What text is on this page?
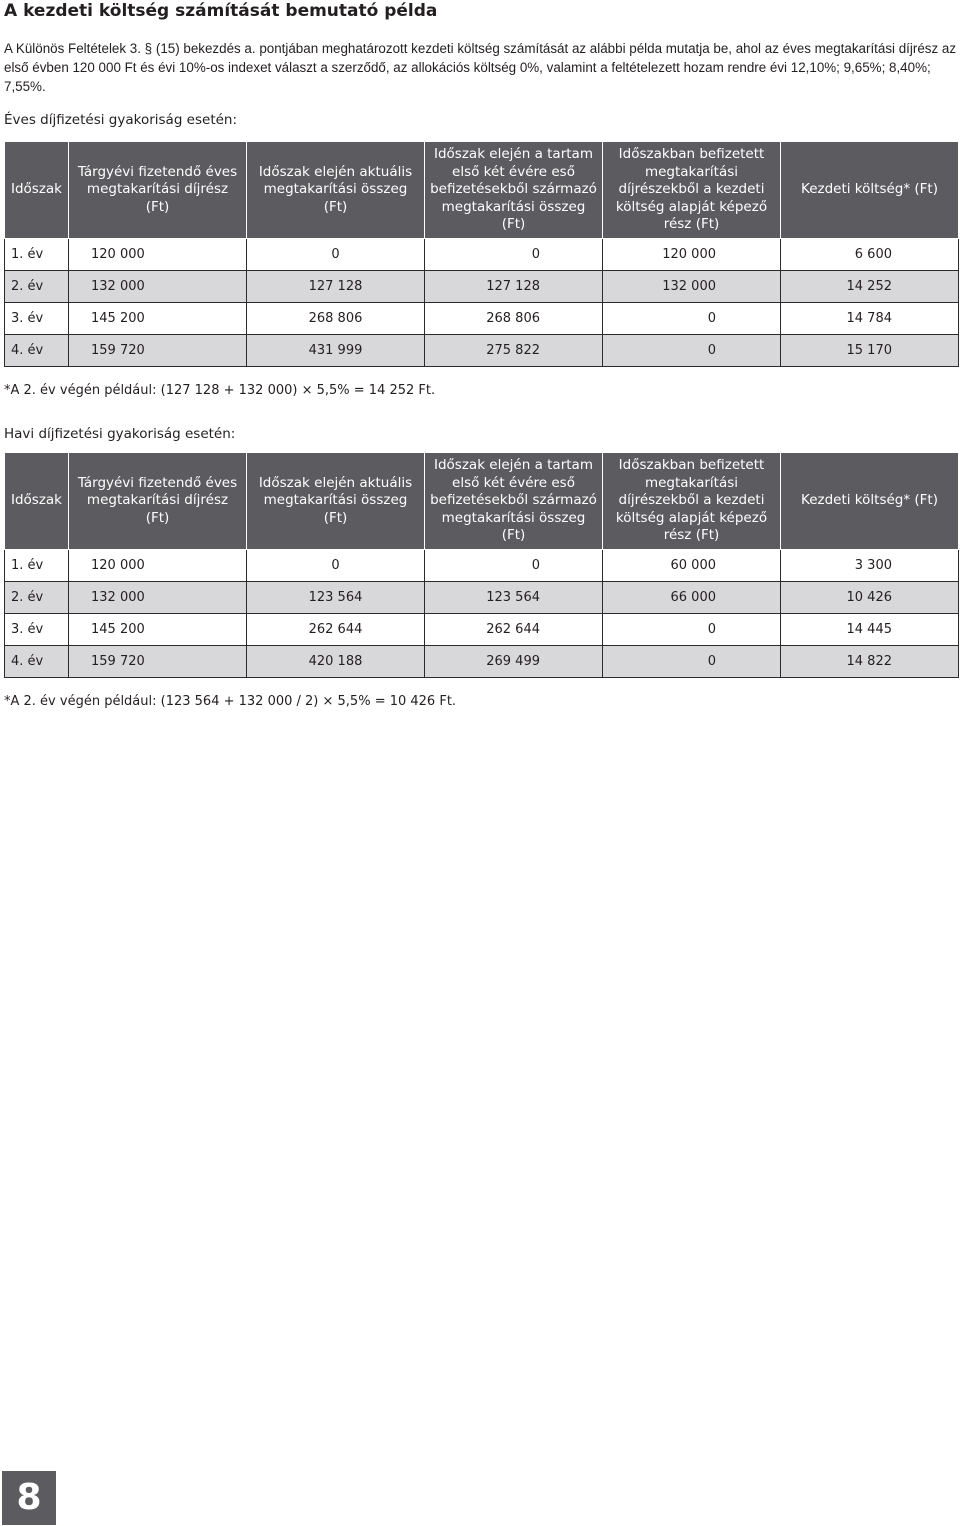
A kezdeti költség számítását bemutató példa

A Különös Feltételek 3. § (15) bekezdés a. pontjában meghatározott kezdeti költség számítását az alábbi példa mutatja be, ahol az éves megtakarítási díjrész az első évben 120 000 Ft és évi 10%-os indexet választ a szerződő, az allokációs költség 0%, valamint a feltételezett hozam rendre évi 12,10%; 9,65%; 8,40%; 7,55%.

Éves díjfizetési gyakoriság esetén:

Időszak	Tárgyévi fizetendő éves megtakarítási díjrész (Ft)	Időszak elején aktuális megtakarítási összeg (Ft)	Időszak elején a tartam első két évére eső befizetésekből származó megtakarítási összeg (Ft)	Időszakban befizetett megtakarítási díjrészekből a kezdeti költség alapját képező rész (Ft)	Kezdeti költség* (Ft)
1. év	120 000	0	0	120 000	6 600
2. év	132 000	127 128	127 128	132 000	14 252
3. év	145 200	268 806	268 806	0	14 784
4. év	159 720	431 999	275 822	0	15 170

*A 2. év végén például: (127 128 + 132 000) × 5,5% = 14 252 Ft.

Havi díjfizetési gyakoriság esetén:

Időszak	Tárgyévi fizetendő éves megtakarítási díjrész (Ft)	Időszak elején aktuális megtakarítási összeg (Ft)	Időszak elején a tartam első két évére eső befizetésekből származó megtakarítási összeg (Ft)	Időszakban befizetett megtakarítási díjrészekből a kezdeti költség alapját képező rész (Ft)	Kezdeti költség* (Ft)
1. év	120 000	0	0	60 000	3 300
2. év	132 000	123 564	123 564	66 000	10 426
3. év	145 200	262 644	262 644	0	14 445
4. év	159 720	420 188	269 499	0	14 822

*A 2. év végén például: (123 564 + 132 000 / 2) × 5,5% = 10 426 Ft.

8
